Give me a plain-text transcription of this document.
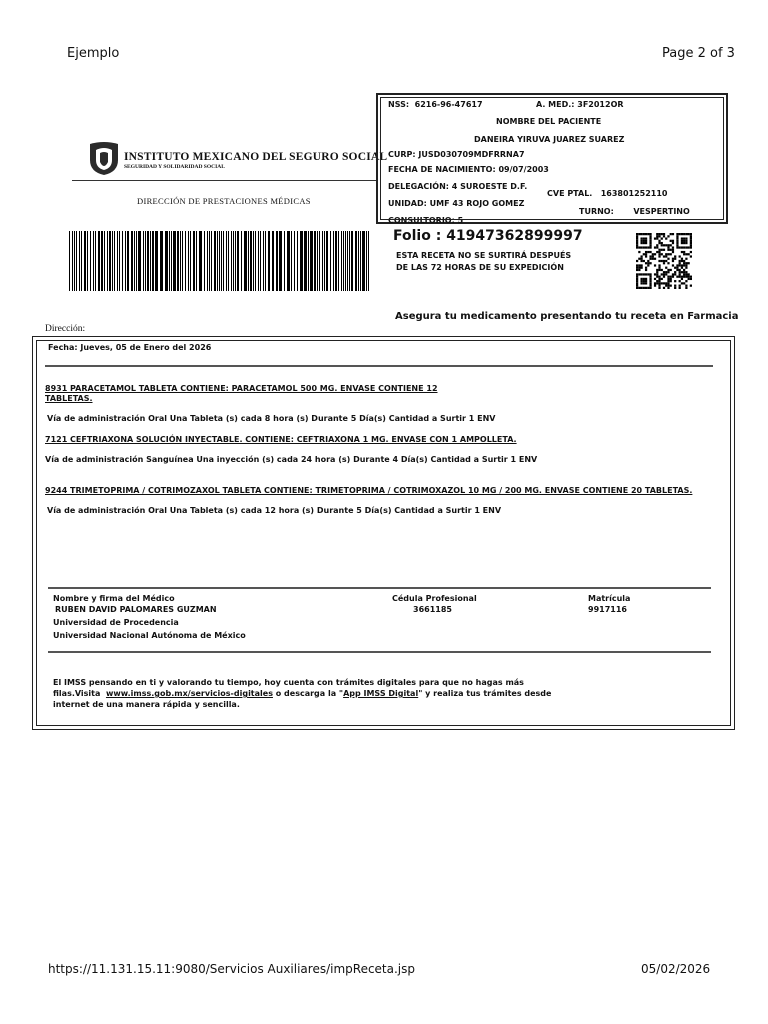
Ejemplo	Page 2 of 3
INSTITUTO MEXICANO DEL SEGURO SOCIAL
SEGURIDAD Y SOLIDARIDAD SOCIAL
DIRECCIÓN DE PRESTACIONES MÉDICAS
NSS: 6216-96-47617	A. MED.: 3F2012OR
NOMBRE DEL PACIENTE
DANEIRA YIRUVA JUAREZ SUAREZ
CURP: JUSD030709MDFRRNA7
FECHA DE NACIMIENTO: 09/07/2003
DELEGACIÓN: 4 SUROESTE D.F.
UNIDAD: UMF 43 ROJO GOMEZ
CONSULTORIO: 5
CVE PTAL. 163801252110
TURNO: VESPERTINO
Folio : 41947362899997
ESTA RECETA NO SE SURTIRÁ DESPUÉS
DE LAS 72 HORAS DE SU EXPEDICIÓN
Asegura tu medicamento presentando tu receta en Farmacia
Dirección:
Fecha: Jueves, 05 de Enero del 2026
8931 PARACETAMOL TABLETA CONTIENE: PARACETAMOL 500 MG. ENVASE CONTIENE 12
TABLETAS.
Vía de administración Oral Una Tableta (s) cada 8 hora (s) Durante 5 Día(s) Cantidad a Surtir 1 ENV
7121 CEFTRIAXONA SOLUCIÓN INYECTABLE. CONTIENE: CEFTRIAXONA 1 MG. ENVASE CON 1 AMPOLLETA.
Vía de administración Sanguínea Una inyección (s) cada 24 hora (s) Durante 4 Día(s) Cantidad a Surtir 1 ENV
9244 TRIMETOPRIMA / COTRIMOZAXOL TABLETA CONTIENE: TRIMETOPRIMA / COTRIMOXAZOL 10 MG / 200 MG. ENVASE CONTIENE 20 TABLETAS.
Vía de administración Oral Una Tableta (s) cada 12 hora (s) Durante 5 Día(s) Cantidad a Surtir 1 ENV
Nombre y firma del Médico
RUBEN DAVID PALOMARES GUZMAN
Universidad de Procedencia
Universidad Nacional Autónoma de México
Cédula Profesional
3661185
Matrícula
9917116
El IMSS pensando en ti y valorando tu tiempo, hoy cuenta con trámites digitales para que no hagas más
filas.Visita www.imss.gob.mx/servicios-digitales o descarga la "App IMSS Digital" y realiza tus trámites desde
internet de una manera rápida y sencilla.
https://11.131.15.11:9080/Servicios Auxiliares/impReceta.jsp	05/02/2026
